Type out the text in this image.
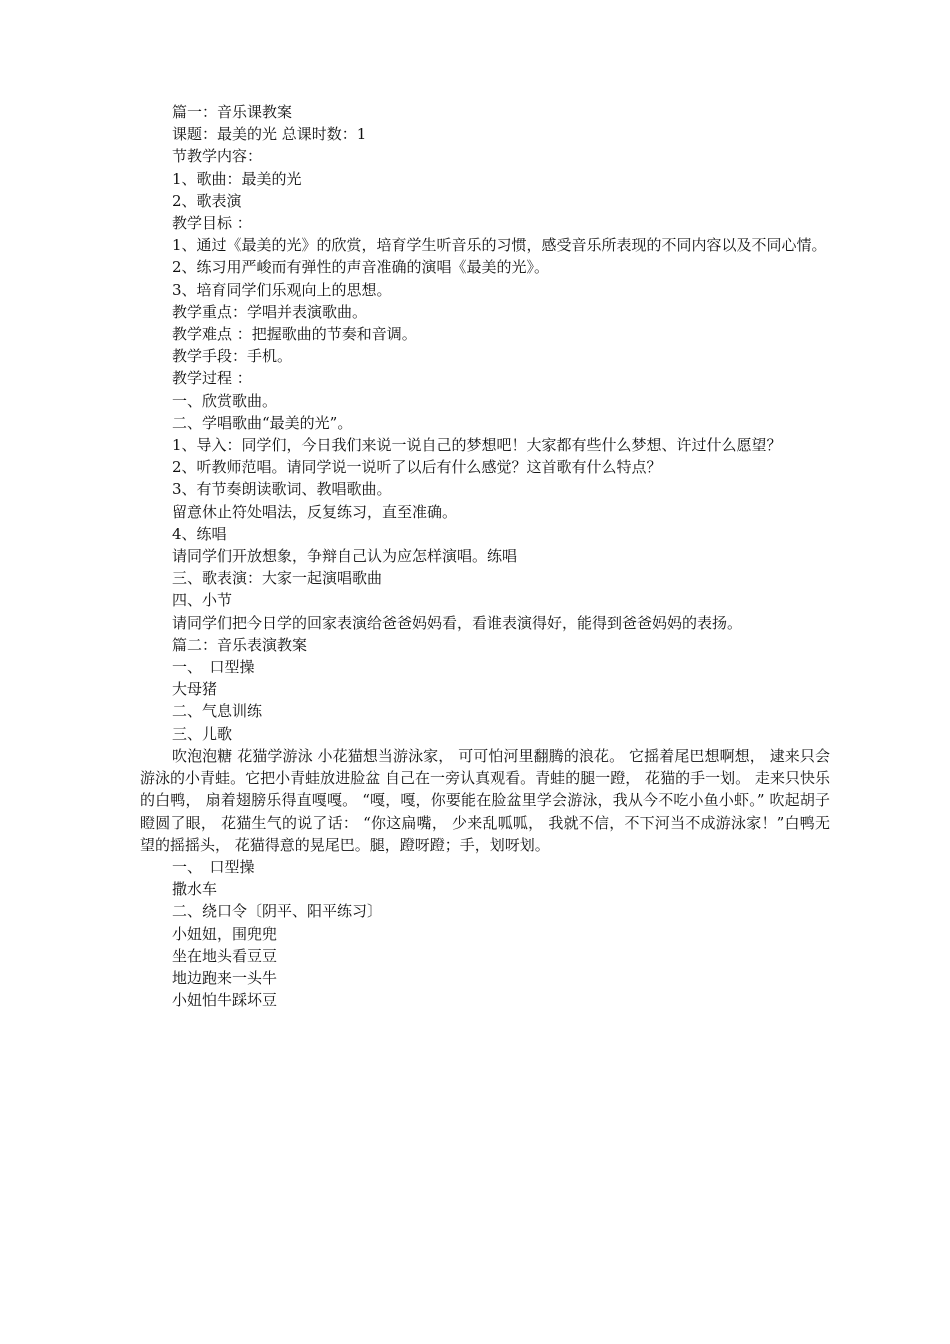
篇一：音乐课教案

课题：最美的光 总课时数：1

节教学内容：

1、歌曲：最美的光

2、歌表演

教学目标 ：

1、通过《最美的光》的欣赏，培育学生听音乐的习惯，感受音乐所表现的不同内容以及不同心情。

2、练习用严峻而有弹性的声音准确的演唱《最美的光》。

3、培育同学们乐观向上的思想。

教学重点：学唱并表演歌曲。

教学难点 ：把握歌曲的节奏和音调。

教学手段：手机。

教学过程 ：

一、欣赏歌曲。

二、学唱歌曲“最美的光”。

1、导入：同学们，今日我们来说一说自己的梦想吧！大家都有些什么梦想、许过什么愿望？

2、听教师范唱。请同学说一说听了以后有什么感觉？这首歌有什么特点？

3、有节奏朗读歌词、教唱歌曲。

留意休止符处唱法，反复练习，直至准确。

4、练唱

请同学们开放想象，争辩自己认为应怎样演唱。练唱

三、歌表演：大家一起演唱歌曲

四、小节

请同学们把今日学的回家表演给爸爸妈妈看，看谁表演得好，能得到爸爸妈妈的表扬。

篇二：音乐表演教案

一、　口型操

大母猪

二、气息训练

三、儿歌

吹泡泡糖 花猫学游泳 小花猫想当游泳家， 可可怕河里翻腾的浪花。 它摇着尾巴想啊想， 逮来只会游泳的小青蛙。它把小青蛙放进脸盆 自己在一旁认真观看。青蛙的腿一蹬， 花猫的手一划。 走来只快乐的白鸭， 扇着翅膀乐得直嘎嘎。 “嘎，嘎，你要能在脸盆里学会游泳，我从今不吃小鱼小虾。” 吹起胡子瞪圆了眼， 花猫生气的说了话： “你这扁嘴， 少来乱呱呱， 我就不信，不下河当不成游泳家！”白鸭无望的摇摇头， 花猫得意的晃尾巴。腿，蹬呀蹬；手，划呀划。

一、　口型操

撒水车

二、绕口令〔阴平、阳平练习〕

小妞妞，围兜兜

坐在地头看豆豆

地边跑来一头牛

小妞怕牛踩坏豆
